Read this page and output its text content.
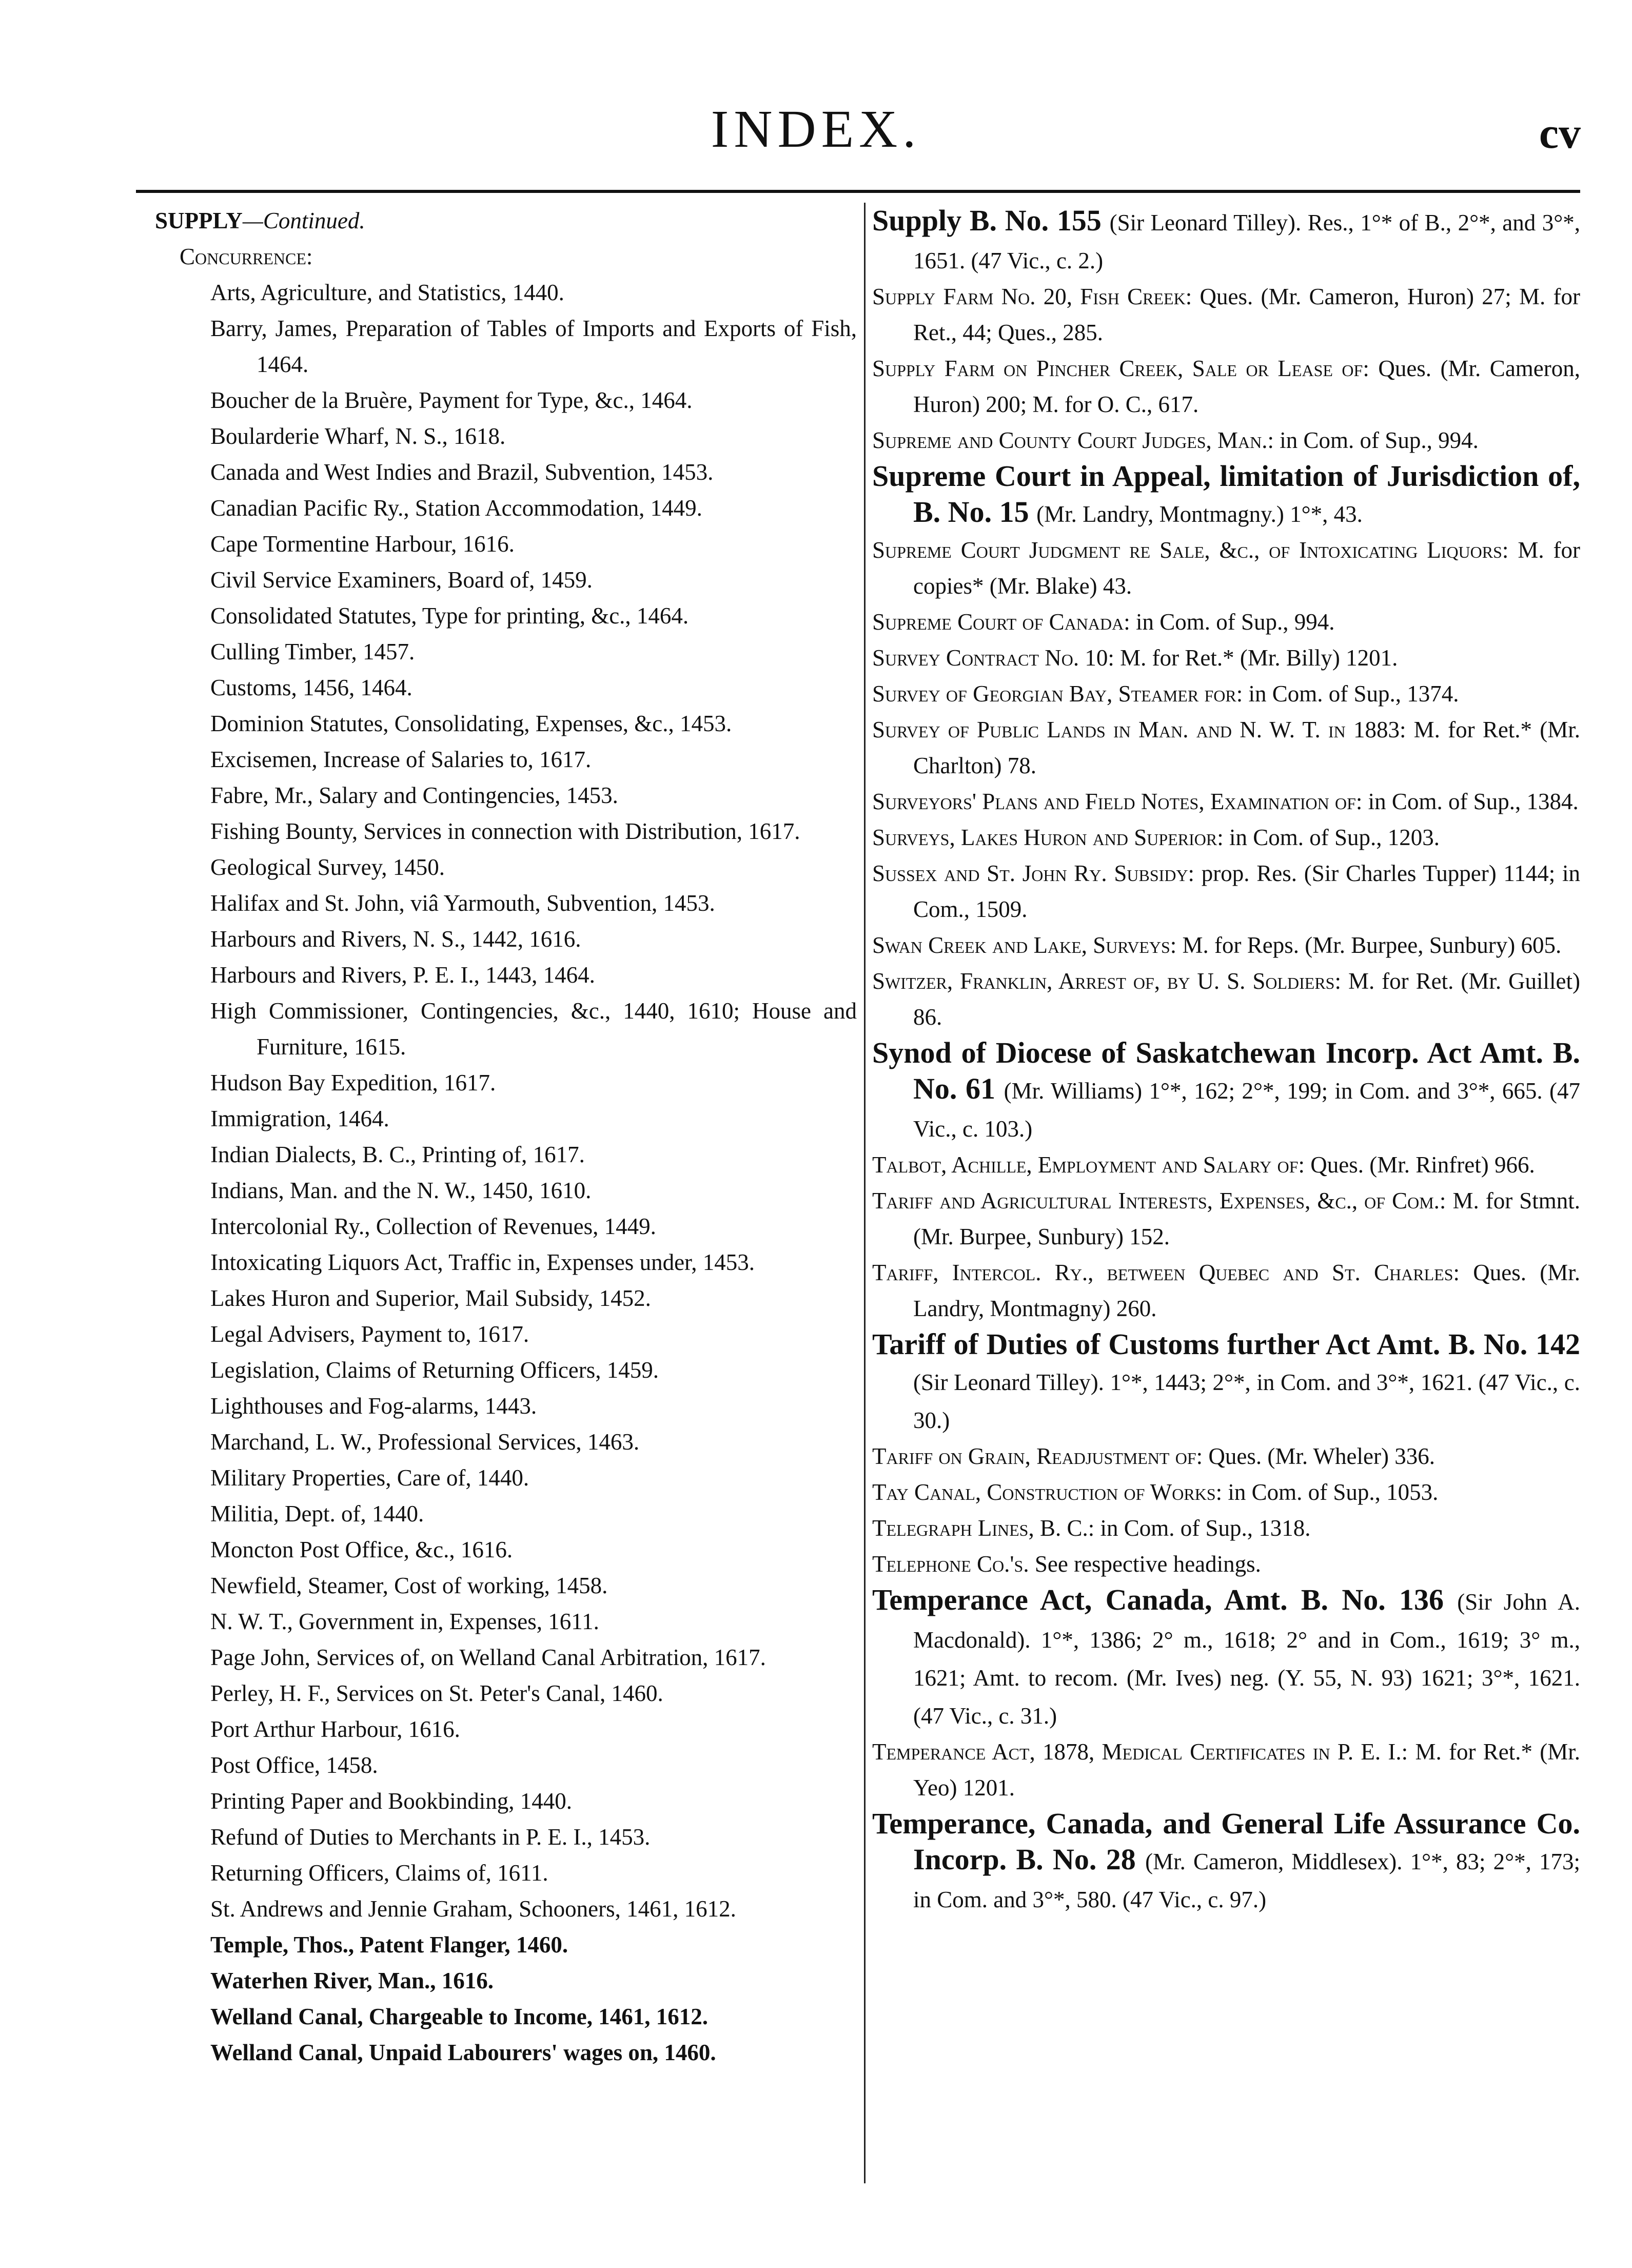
INDEX.	cv
SUPPLY—Continued.
Concurrence:
Arts, Agriculture, and Statistics, 1440.
Barry, James, Preparation of Tables of Imports and Exports of Fish, 1464.
Boucher de la Bruère, Payment for Type, &c., 1464.
Boularderie Wharf, N. S., 1618.
Canada and West Indies and Brazil, Subvention, 1453.
Canadian Pacific Ry., Station Accommodation, 1449.
Cape Tormentine Harbour, 1616.
Civil Service Examiners, Board of, 1459.
Consolidated Statutes, Type for printing, &c., 1464.
Culling Timber, 1457.
Customs, 1456, 1464.
Dominion Statutes, Consolidating, Expenses, &c., 1453.
Excisemen, Increase of Salaries to, 1617.
Fabre, Mr., Salary and Contingencies, 1453.
Fishing Bounty, Services in connection with Distribution, 1617.
Geological Survey, 1450.
Halifax and St. John, viâ Yarmouth, Subvention, 1453.
Harbours and Rivers, N. S., 1442, 1616.
Harbours and Rivers, P. E. I., 1443, 1464.
High Commissioner, Contingencies, &c., 1440, 1610; House and Furniture, 1615.
Hudson Bay Expedition, 1617.
Immigration, 1464.
Indian Dialects, B. C., Printing of, 1617.
Indians, Man. and the N. W., 1450, 1610.
Intercolonial Ry., Collection of Revenues, 1449.
Intoxicating Liquors Act, Traffic in, Expenses under, 1453.
Lakes Huron and Superior, Mail Subsidy, 1452.
Legal Advisers, Payment to, 1617.
Legislation, Claims of Returning Officers, 1459.
Lighthouses and Fog-alarms, 1443.
Marchand, L. W., Professional Services, 1463.
Military Properties, Care of, 1440.
Militia, Dept. of, 1440.
Moncton Post Office, &c., 1616.
Newfield, Steamer, Cost of working, 1458.
N. W. T., Government in, Expenses, 1611.
Page John, Services of, on Welland Canal Arbitration, 1617.
Perley, H. F., Services on St. Peter's Canal, 1460.
Port Arthur Harbour, 1616.
Post Office, 1458.
Printing Paper and Bookbinding, 1440.
Refund of Duties to Merchants in P. E. I., 1453.
Returning Officers, Claims of, 1611.
St. Andrews and Jennie Graham, Schooners, 1461, 1612.
Temple, Thos., Patent Flanger, 1460.
Waterhen River, Man., 1616.
Welland Canal, Chargeable to Income, 1461, 1612.
Welland Canal, Unpaid Labourers' wages on, 1460.
Supply B. No. 155 (Sir Leonard Tilley). Res., 1°* of B., 2°*, and 3°*, 1651. (47 Vic., c. 2.)
Supply Farm No. 20, Fish Creek: Ques. (Mr. Cameron, Huron) 27; M. for Ret., 44; Ques., 285.
Supply Farm on Pincher Creek, Sale or Lease of: Ques. (Mr. Cameron, Huron) 200; M. for O. C., 617.
Supreme and County Court Judges, Man.: in Com. of Sup., 994.
Supreme Court in Appeal, limitation of Jurisdiction of, B. No. 15 (Mr. Landry, Montmagny.) 1°*, 43.
Supreme Court Judgment re Sale, &c., of Intoxicating Liquors: M. for copies* (Mr. Blake) 43.
Supreme Court of Canada: in Com. of Sup., 994.
Survey Contract No. 10: M. for Ret.* (Mr. Billy) 1201.
Survey of Georgian Bay, Steamer for: in Com. of Sup., 1374.
Survey of Public Lands in Man. and N. W. T. in 1883: M. for Ret.* (Mr. Charlton) 78.
Surveyors' Plans and Field Notes, Examination of: in Com. of Sup., 1384.
Surveys, Lakes Huron and Superior: in Com. of Sup., 1203.
Sussex and St. John Ry. Subsidy: prop. Res. (Sir Charles Tupper) 1144; in Com., 1509.
Swan Creek and Lake, Surveys: M. for Reps. (Mr. Burpee, Sunbury) 605.
Switzer, Franklin, Arrest of, by U. S. Soldiers: M. for Ret. (Mr. Guillet) 86.
Synod of Diocese of Saskatchewan Incorp. Act Amt. B. No. 61 (Mr. Williams) 1°*, 162; 2°*, 199; in Com. and 3°*, 665. (47 Vic., c. 103.)
Talbot, Achille, Employment and Salary of: Ques. (Mr. Rinfret) 966.
Tariff and Agricultural Interests, Expenses, &c., of Com.: M. for Stmnt. (Mr. Burpee, Sunbury) 152.
Tariff, Intercol. Ry., between Quebec and St. Charles: Ques. (Mr. Landry, Montmagny) 260.
Tariff of Duties of Customs further Act Amt. B. No. 142 (Sir Leonard Tilley). 1°*, 1443; 2°*, in Com. and 3°*, 1621. (47 Vic., c. 30.)
Tariff on Grain, Readjustment of: Ques. (Mr. Wheler) 336.
Tay Canal, Construction of Works: in Com. of Sup., 1053.
Telegraph Lines, B. C.: in Com. of Sup., 1318.
Telephone Co.'s. See respective headings.
Temperance Act, Canada, Amt. B. No. 136 (Sir John A. Macdonald). 1°*, 1386; 2° m., 1618; 2° and in Com., 1619; 3° m., 1621; Amt. to recom. (Mr. Ives) neg. (Y. 55, N. 93) 1621; 3°*, 1621. (47 Vic., c. 31.)
Temperance Act, 1878, Medical Certificates in P. E. I.: M. for Ret.* (Mr. Yeo) 1201.
Temperance, Canada, and General Life Assurance Co. Incorp. B. No. 28 (Mr. Cameron, Middlesex). 1°*, 83; 2°*, 173; in Com. and 3°*, 580. (47 Vic., c. 97.)
